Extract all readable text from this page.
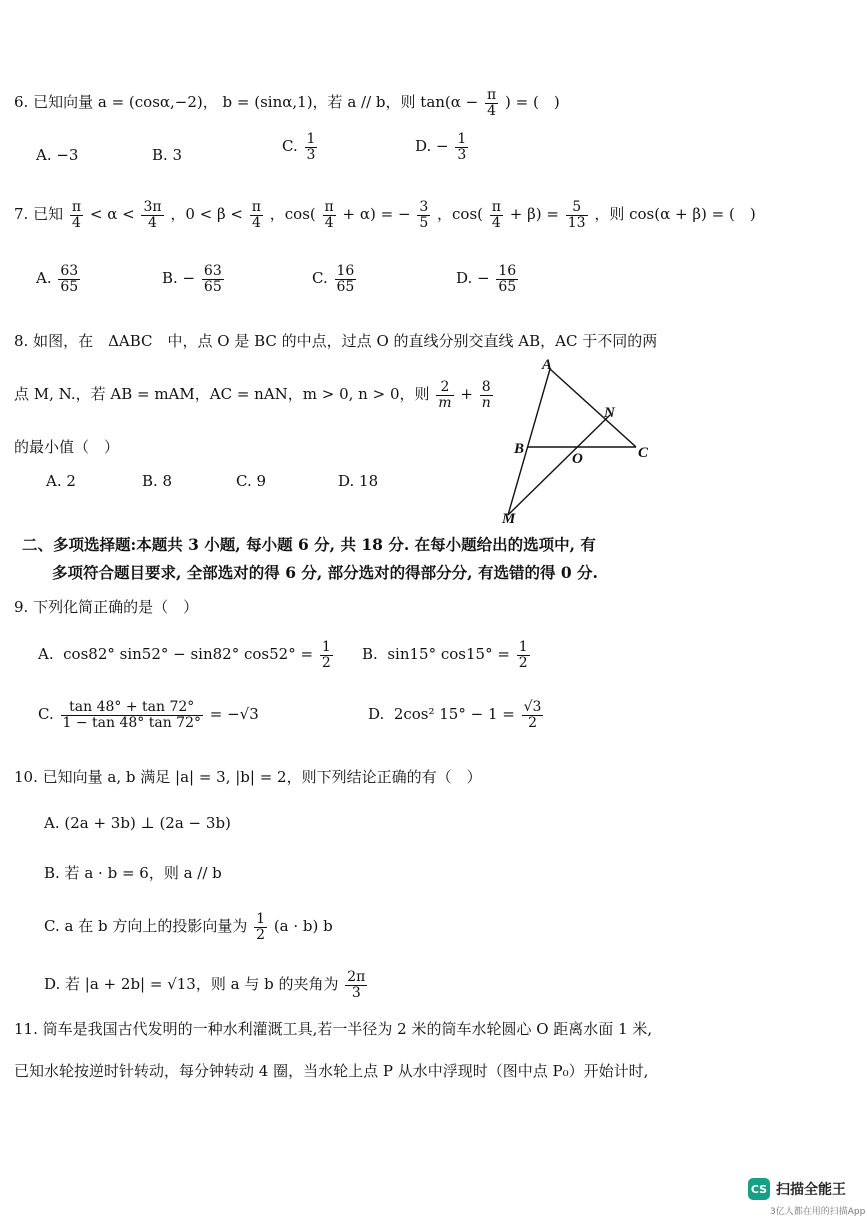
6. 已知向量 a = (cosα,−2)， b = (sinα,1)，若 a // b，则 $\tan(\alpha - \frac{\pi}{4}$ ) = (　)
A. −3	B. 3	C. $\frac{1}{3}$	D. − $\frac{1}{3}$
7. 已知 $\frac{\pi}{4} < \alpha < \frac{3\pi}{4}$ ，$0 < \beta < \frac{\pi}{4}$ ，$\cos( \frac{\pi}{4} + \alpha)$ = − $\frac{3}{5}$ ，$\cos( \frac{\pi}{4} + \beta) = \frac{5}{13}$ ，则 cos(α + β) = (　)
A. $\frac{63}{65}$	B. − $\frac{63}{65}$	C. $\frac{16}{65}$	D. − $\frac{16}{65}$
8. 如图，在　ΔABC　中，点 O 是 BC 的中点，过点 O 的直线分别交直线 AB，AC 于不同的两
点 M, N.，若 AB = mAM，AC = nAN，m > 0, n > 0，则 $\frac{2}{m} + \frac{8}{n}$
的最小值（　）
A. 2	B. 8	C. 9	D. 18
A
B	C
O
N
M
二、多项选择题:本题共 3 小题, 每小题 6 分, 共 18 分. 在每小题给出的选项中, 有
多项符合题目要求, 全部选对的得 6 分, 部分选对的得部分分, 有选错的得 0 分.
9. 下列化简正确的是（　）
A. cos82° sin52° − sin82° $\cos 52^\circ = \frac{1}{2} B$. sin15° $\cos 15^\circ = \frac{1}{2}$
C. $\frac{\tan 48^\circ + \tan 72^\circ}{1 - \tan 48^\circ \tan 72^\circ} = -√3$	D. 2cos² $15^\circ - 1 = \frac{√3}{2}$
10. 已知向量 a, b 满足 |a| = 3, |b| = 2，则下列结论正确的有（　）
A. (2a + 3b) ⊥ (2a − 3b)
B. 若 a · b = 6，则 a // b
C. a 在 b 方向上的投影向量为 $\frac{1}{2} (a \cdot b)$ b
D. 若 |a + 2b| = √13，则 a 与 b 的夹角为 $\frac{2\pi}{3}$
11. 筒车是我国古代发明的一种水利灌溉工具,若一半径为 2 米的筒车水轮圆心 O 距离水面 1 米,
已知水轮按逆时针转动，每分钟转动 4 圈，当水轮上点 P 从水中浮现时（图中点 P₀）开始计时,
CS 扫描全能王
3亿人都在用的扫描App
